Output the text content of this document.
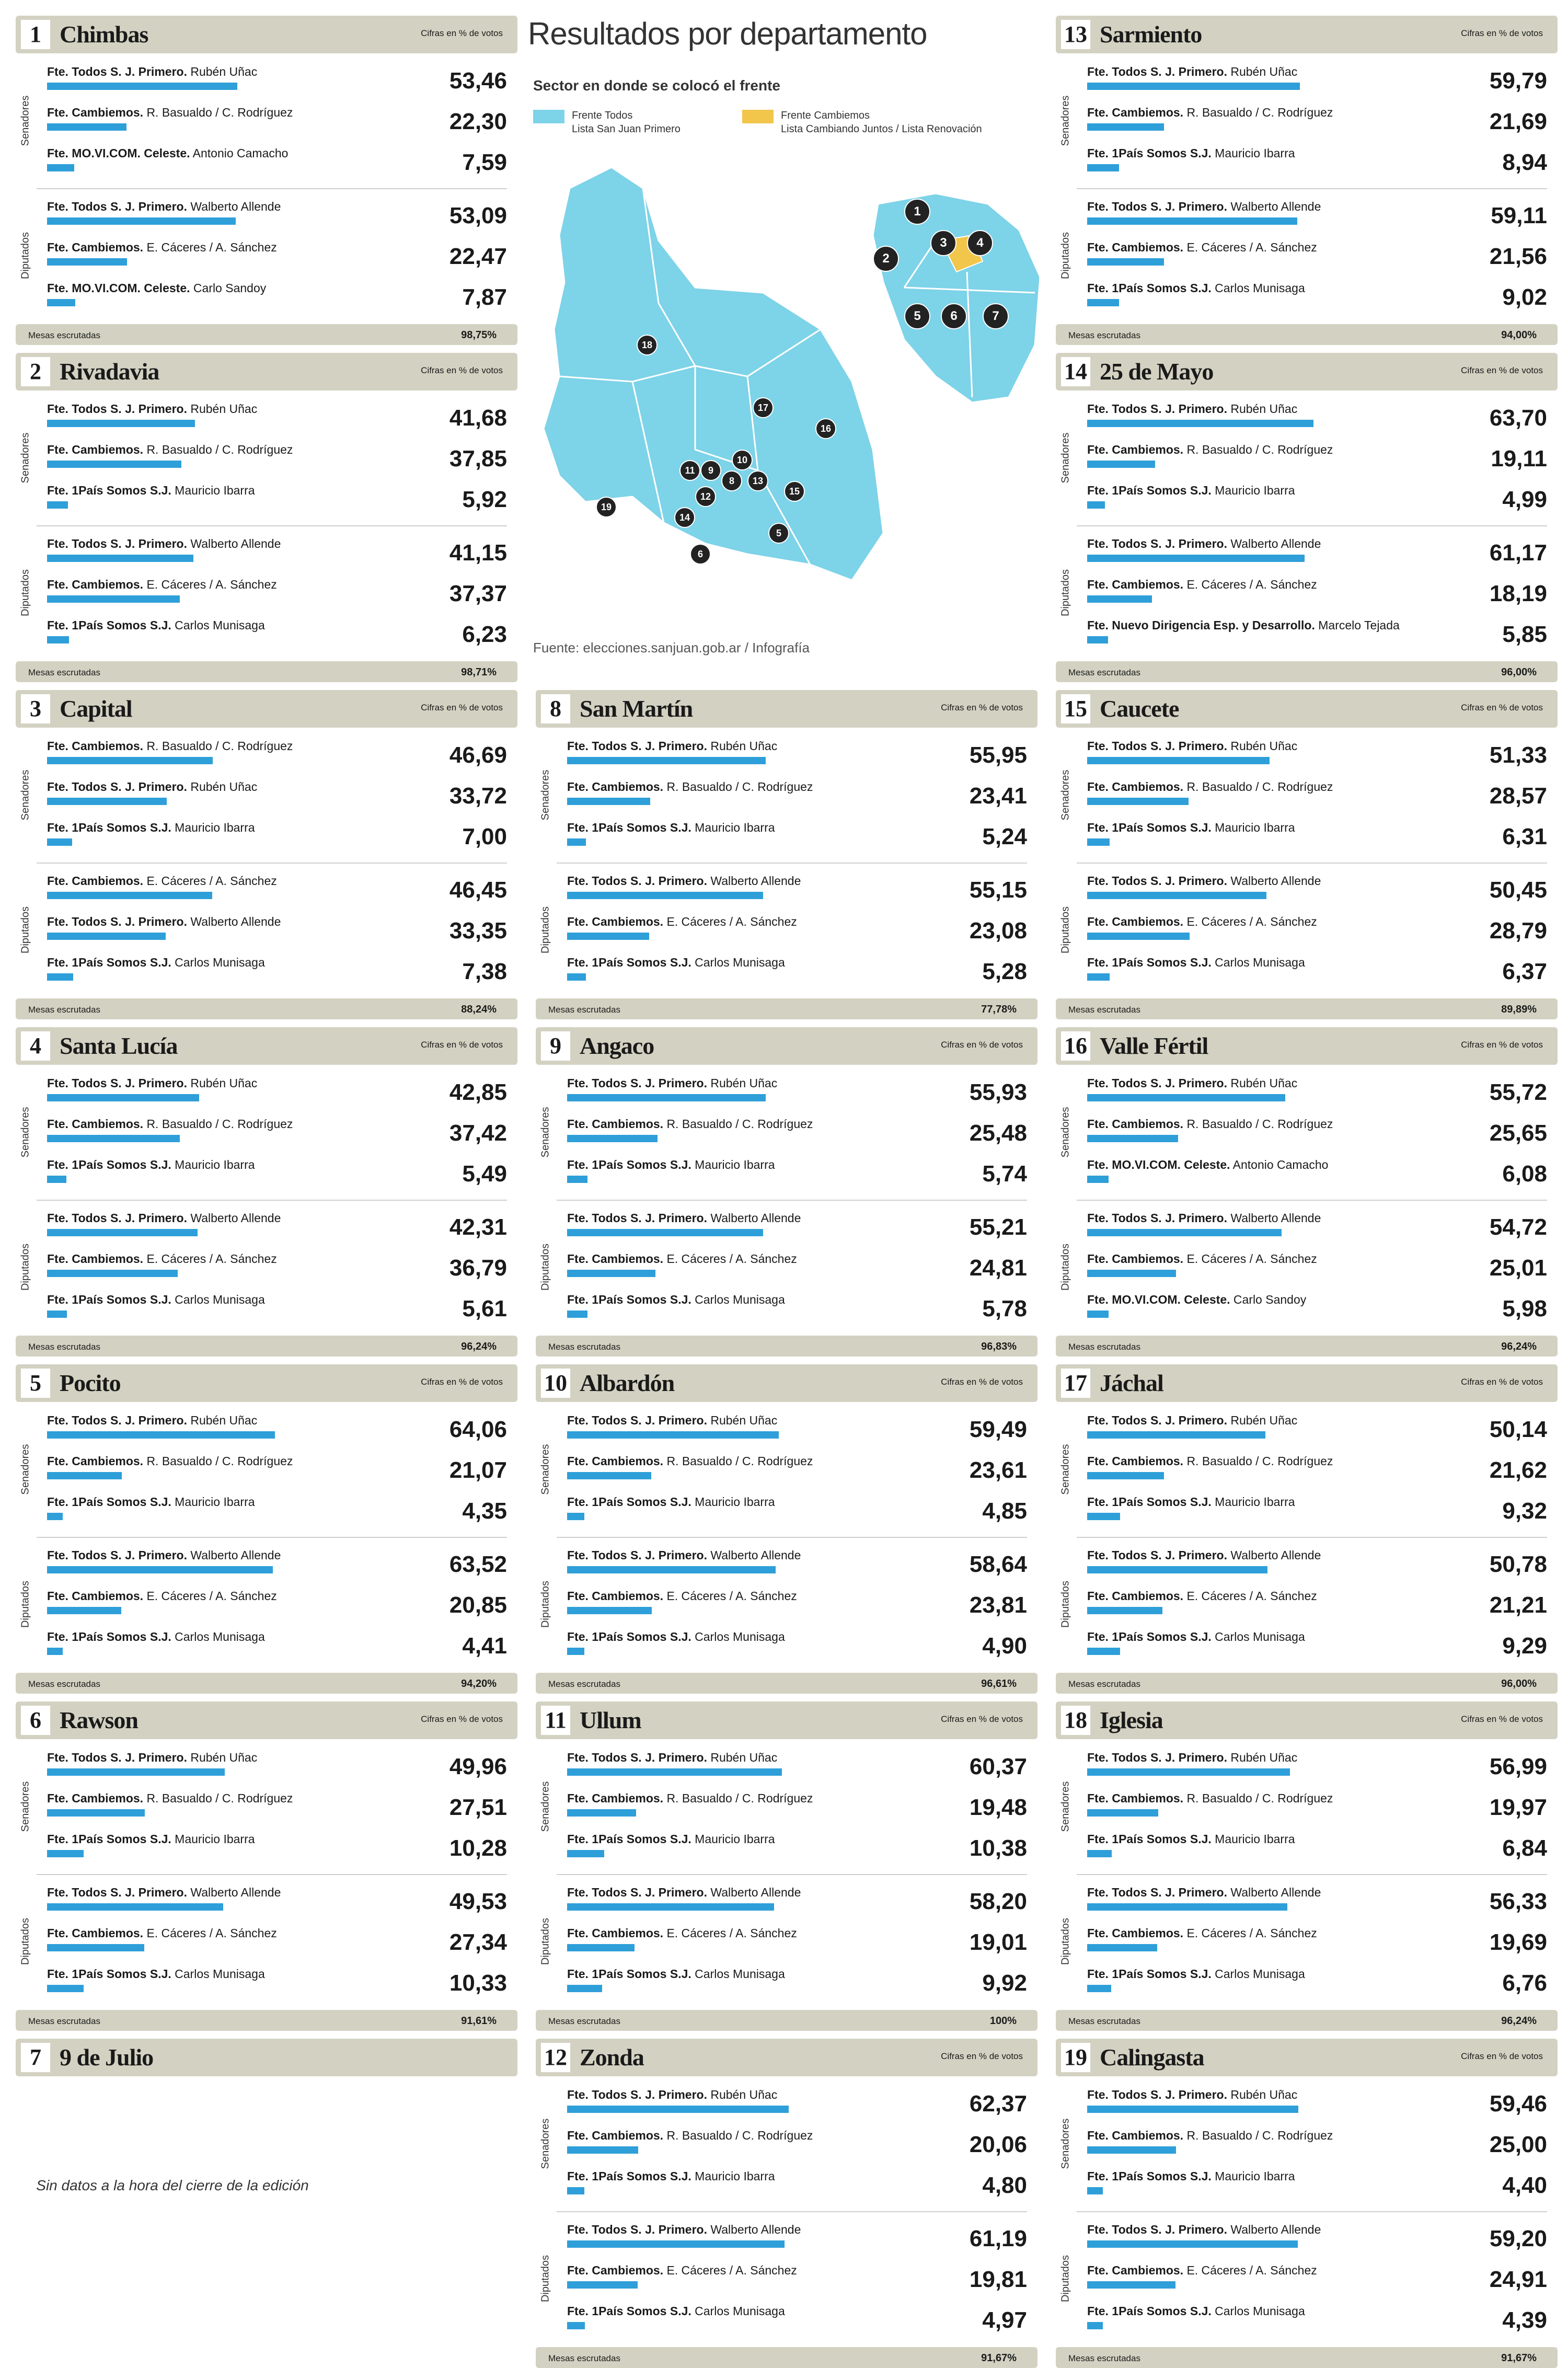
Resultados por departamento
Sector en donde se colocó el frente
Frente Todos
Lista San Juan Primero
Frente Cambiemos
Lista Cambiando Juntos / Lista Renovación
1
3	4
2
5	6	7
18
17
16
10
11	9
8	13
12	15
19
14
5
6
Fuente: elecciones.sanjuan.gob.ar / Infografía
1 Chimbas	Cifras en % de votos
Senadores
Fte. Todos S. J. Primero. Rubén Uñac	53,46
Fte. Cambiemos. R. Basualdo / C. Rodríguez	22,30
Fte. MO.VI.COM. Celeste. Antonio Camacho	7,59
Diputados
Fte. Todos S. J. Primero. Walberto Allende	53,09
Fte. Cambiemos. E. Cáceres / A. Sánchez	22,47
Fte. MO.VI.COM. Celeste. Carlo Sandoy	7,87
Mesas escrutadas	98,75%
2 Rivadavia	Cifras en % de votos
Senadores
Fte. Todos S. J. Primero. Rubén Uñac	41,68
Fte. Cambiemos. R. Basualdo / C. Rodríguez	37,85
Fte. 1País Somos S.J. Mauricio Ibarra	5,92
Diputados
Fte. Todos S. J. Primero. Walberto Allende	41,15
Fte. Cambiemos. E. Cáceres / A. Sánchez	37,37
Fte. 1País Somos S.J. Carlos Munisaga	6,23
Mesas escrutadas	98,71%
3 Capital	Cifras en % de votos
Senadores
Fte. Cambiemos. R. Basualdo / C. Rodríguez	46,69
Fte. Todos S. J. Primero. Rubén Uñac	33,72
Fte. 1País Somos S.J. Mauricio Ibarra	7,00
Diputados
Fte. Cambiemos. E. Cáceres / A. Sánchez	46,45
Fte. Todos S. J. Primero. Walberto Allende	33,35
Fte. 1País Somos S.J. Carlos Munisaga	7,38
Mesas escrutadas	88,24%
4 Santa Lucía	Cifras en % de votos
Senadores
Fte. Todos S. J. Primero. Rubén Uñac	42,85
Fte. Cambiemos. R. Basualdo / C. Rodríguez	37,42
Fte. 1País Somos S.J. Mauricio Ibarra	5,49
Diputados
Fte. Todos S. J. Primero. Walberto Allende	42,31
Fte. Cambiemos. E. Cáceres / A. Sánchez	36,79
Fte. 1País Somos S.J. Carlos Munisaga	5,61
Mesas escrutadas	96,24%
5 Pocito	Cifras en % de votos
Senadores
Fte. Todos S. J. Primero. Rubén Uñac	64,06
Fte. Cambiemos. R. Basualdo / C. Rodríguez	21,07
Fte. 1País Somos S.J. Mauricio Ibarra	4,35
Diputados
Fte. Todos S. J. Primero. Walberto Allende	63,52
Fte. Cambiemos. E. Cáceres / A. Sánchez	20,85
Fte. 1País Somos S.J. Carlos Munisaga	4,41
Mesas escrutadas	94,20%
6 Rawson	Cifras en % de votos
Senadores
Fte. Todos S. J. Primero. Rubén Uñac	49,96
Fte. Cambiemos. R. Basualdo / C. Rodríguez	27,51
Fte. 1País Somos S.J. Mauricio Ibarra	10,28
Diputados
Fte. Todos S. J. Primero. Walberto Allende	49,53
Fte. Cambiemos. E. Cáceres / A. Sánchez	27,34
Fte. 1País Somos S.J. Carlos Munisaga	10,33
Mesas escrutadas	91,61%
7 9 de Julio
Sin datos a la hora del cierre de la edición
8 San Martín	Cifras en % de votos
Senadores
Fte. Todos S. J. Primero. Rubén Uñac	55,95
Fte. Cambiemos. R. Basualdo / C. Rodríguez	23,41
Fte. 1País Somos S.J. Mauricio Ibarra	5,24
Diputados
Fte. Todos S. J. Primero. Walberto Allende	55,15
Fte. Cambiemos. E. Cáceres / A. Sánchez	23,08
Fte. 1País Somos S.J. Carlos Munisaga	5,28
Mesas escrutadas	77,78%
9 Angaco	Cifras en % de votos
Senadores
Fte. Todos S. J. Primero. Rubén Uñac	55,93
Fte. Cambiemos. R. Basualdo / C. Rodríguez	25,48
Fte. 1País Somos S.J. Mauricio Ibarra	5,74
Diputados
Fte. Todos S. J. Primero. Walberto Allende	55,21
Fte. Cambiemos. E. Cáceres / A. Sánchez	24,81
Fte. 1País Somos S.J. Carlos Munisaga	5,78
Mesas escrutadas	96,83%
10 Albardón	Cifras en % de votos
Senadores
Fte. Todos S. J. Primero. Rubén Uñac	59,49
Fte. Cambiemos. R. Basualdo / C. Rodríguez	23,61
Fte. 1País Somos S.J. Mauricio Ibarra	4,85
Diputados
Fte. Todos S. J. Primero. Walberto Allende	58,64
Fte. Cambiemos. E. Cáceres / A. Sánchez	23,81
Fte. 1País Somos S.J. Carlos Munisaga	4,90
Mesas escrutadas	96,61%
11 Ullum	Cifras en % de votos
Senadores
Fte. Todos S. J. Primero. Rubén Uñac	60,37
Fte. Cambiemos. R. Basualdo / C. Rodríguez	19,48
Fte. 1País Somos S.J. Mauricio Ibarra	10,38
Diputados
Fte. Todos S. J. Primero. Walberto Allende	58,20
Fte. Cambiemos. E. Cáceres / A. Sánchez	19,01
Fte. 1País Somos S.J. Carlos Munisaga	9,92
Mesas escrutadas	100%
12 Zonda	Cifras en % de votos
Senadores
Fte. Todos S. J. Primero. Rubén Uñac	62,37
Fte. Cambiemos. R. Basualdo / C. Rodríguez	20,06
Fte. 1País Somos S.J. Mauricio Ibarra	4,80
Diputados
Fte. Todos S. J. Primero. Walberto Allende	61,19
Fte. Cambiemos. E. Cáceres / A. Sánchez	19,81
Fte. 1País Somos S.J. Carlos Munisaga	4,97
Mesas escrutadas	91,67%
13 Sarmiento	Cifras en % de votos
Senadores
Fte. Todos S. J. Primero. Rubén Uñac	59,79
Fte. Cambiemos. R. Basualdo / C. Rodríguez	21,69
Fte. 1País Somos S.J. Mauricio Ibarra	8,94
Diputados
Fte. Todos S. J. Primero. Walberto Allende	59,11
Fte. Cambiemos. E. Cáceres / A. Sánchez	21,56
Fte. 1País Somos S.J. Carlos Munisaga	9,02
Mesas escrutadas	94,00%
14 25 de Mayo	Cifras en % de votos
Senadores
Fte. Todos S. J. Primero. Rubén Uñac	63,70
Fte. Cambiemos. R. Basualdo / C. Rodríguez	19,11
Fte. 1País Somos S.J. Mauricio Ibarra	4,99
Diputados
Fte. Todos S. J. Primero. Walberto Allende	61,17
Fte. Cambiemos. E. Cáceres / A. Sánchez	18,19
Fte. Nuevo Dirigencia Esp. y Desarrollo. Marcelo Tejada	5,85
Mesas escrutadas	96,00%
15 Caucete	Cifras en % de votos
Senadores
Fte. Todos S. J. Primero. Rubén Uñac	51,33
Fte. Cambiemos. R. Basualdo / C. Rodríguez	28,57
Fte. 1País Somos S.J. Mauricio Ibarra	6,31
Diputados
Fte. Todos S. J. Primero. Walberto Allende	50,45
Fte. Cambiemos. E. Cáceres / A. Sánchez	28,79
Fte. 1País Somos S.J. Carlos Munisaga	6,37
Mesas escrutadas	89,89%
16 Valle Fértil	Cifras en % de votos
Senadores
Fte. Todos S. J. Primero. Rubén Uñac	55,72
Fte. Cambiemos. R. Basualdo / C. Rodríguez	25,65
Fte. MO.VI.COM. Celeste. Antonio Camacho	6,08
Diputados
Fte. Todos S. J. Primero. Walberto Allende	54,72
Fte. Cambiemos. E. Cáceres / A. Sánchez	25,01
Fte. MO.VI.COM. Celeste. Carlo Sandoy	5,98
Mesas escrutadas	96,24%
17 Jáchal	Cifras en % de votos
Senadores
Fte. Todos S. J. Primero. Rubén Uñac	50,14
Fte. Cambiemos. R. Basualdo / C. Rodríguez	21,62
Fte. 1País Somos S.J. Mauricio Ibarra	9,32
Diputados
Fte. Todos S. J. Primero. Walberto Allende	50,78
Fte. Cambiemos. E. Cáceres / A. Sánchez	21,21
Fte. 1País Somos S.J. Carlos Munisaga	9,29
Mesas escrutadas	96,00%
18 Iglesia	Cifras en % de votos
Senadores
Fte. Todos S. J. Primero. Rubén Uñac	56,99
Fte. Cambiemos. R. Basualdo / C. Rodríguez	19,97
Fte. 1País Somos S.J. Mauricio Ibarra	6,84
Diputados
Fte. Todos S. J. Primero. Walberto Allende	56,33
Fte. Cambiemos. E. Cáceres / A. Sánchez	19,69
Fte. 1País Somos S.J. Carlos Munisaga	6,76
Mesas escrutadas	96,24%
19 Calingasta	Cifras en % de votos
Senadores
Fte. Todos S. J. Primero. Rubén Uñac	59,46
Fte. Cambiemos. R. Basualdo / C. Rodríguez	25,00
Fte. 1País Somos S.J. Mauricio Ibarra	4,40
Diputados
Fte. Todos S. J. Primero. Walberto Allende	59,20
Fte. Cambiemos. E. Cáceres / A. Sánchez	24,91
Fte. 1País Somos S.J. Carlos Munisaga	4,39
Mesas escrutadas	91,67%
